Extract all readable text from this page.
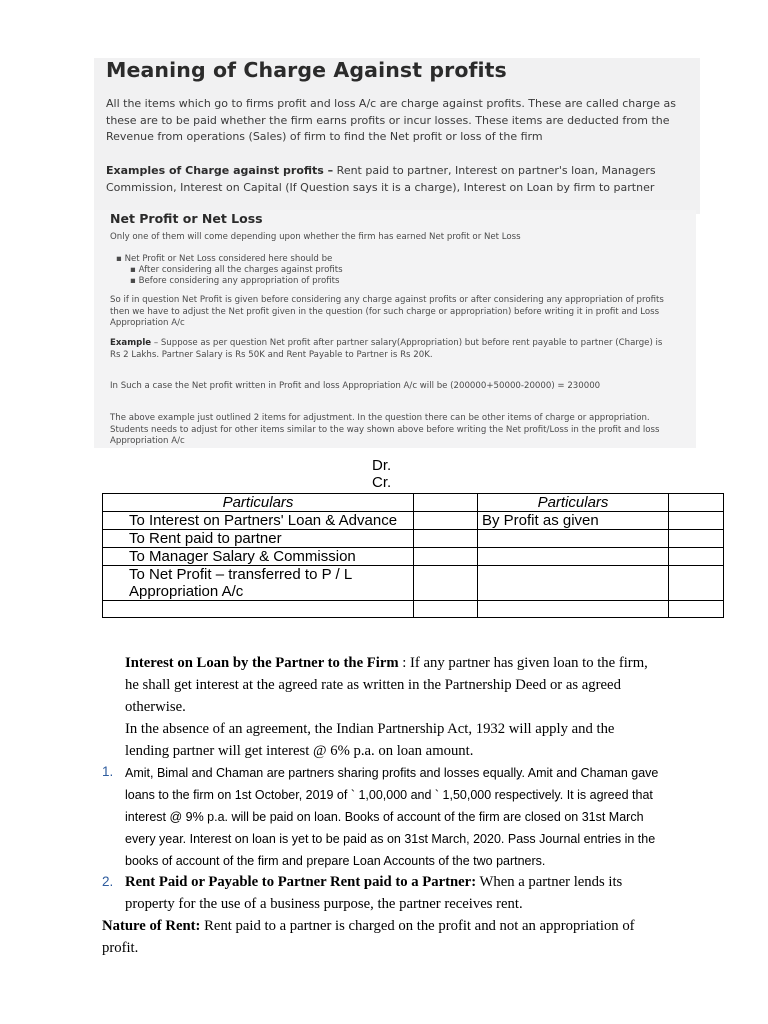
Meaning of Charge Against profits

All the items which go to firms profit and loss A/c are charge against profits. These are called charge as these are to be paid whether the firm earns profits or incur losses. These items are deducted from the Revenue from operations (Sales) of firm to find the Net profit or loss of the firm

Examples of Charge against profits – Rent paid to partner, Interest on partner's loan, Managers Commission, Interest on Capital (If Question says it is a charge), Interest on Loan by firm to partner

Net Profit or Net Loss

Only one of them will come depending upon whether the firm has earned Net profit or Net Loss

▪ Net Profit or Net Loss considered here should be
▪ After considering all the charges against profits
▪ Before considering any appropriation of profits

So if in question Net Profit is given before considering any charge against profits or after considering any appropriation of profits then we have to adjust the Net profit given in the question (for such charge or appropriation) before writing it in profit and Loss Appropriation A/c

Example – Suppose as per question Net profit after partner salary(Appropriation) but before rent payable to partner (Charge) is Rs 2 Lakhs. Partner Salary is Rs 50K and Rent Payable to Partner is Rs 20K.

In Such a case the Net profit written in Profit and loss Appropriation A/c will be (200000+50000-20000) = 230000

The above example just outlined 2 items for adjustment. In the question there can be other items of charge or appropriation. Students needs to adjust for other items similar to the way shown above before writing the Net profit/Loss in the profit and loss Appropriation A/c

Dr.
Cr.
Particulars		Particulars	
To Interest on Partners' Loan & Advance		By Profit as given	
To Rent paid to partner			
To Manager Salary & Commission			
To Net Profit – transferred to P / L Appropriation A/c			

Interest on Loan by the Partner to the Firm : If any partner has given loan to the firm, he shall get interest at the agreed rate as written in the Partnership Deed or as agreed otherwise.
In the absence of an agreement, the Indian Partnership Act, 1932 will apply and the lending partner will get interest @ 6% p.a. on loan amount.
1. Amit, Bimal and Chaman are partners sharing profits and losses equally. Amit and Chaman gave loans to the firm on 1st October, 2019 of ` 1,00,000 and ` 1,50,000 respectively. It is agreed that interest @ 9% p.a. will be paid on loan. Books of account of the firm are closed on 31st March every year. Interest on loan is yet to be paid as on 31st March, 2020. Pass Journal entries in the books of account of the firm and prepare Loan Accounts of the two partners.
2. Rent Paid or Payable to Partner Rent paid to a Partner: When a partner lends its property for the use of a business purpose, the partner receives rent.
Nature of Rent: Rent paid to a partner is charged on the profit and not an appropriation of profit.
